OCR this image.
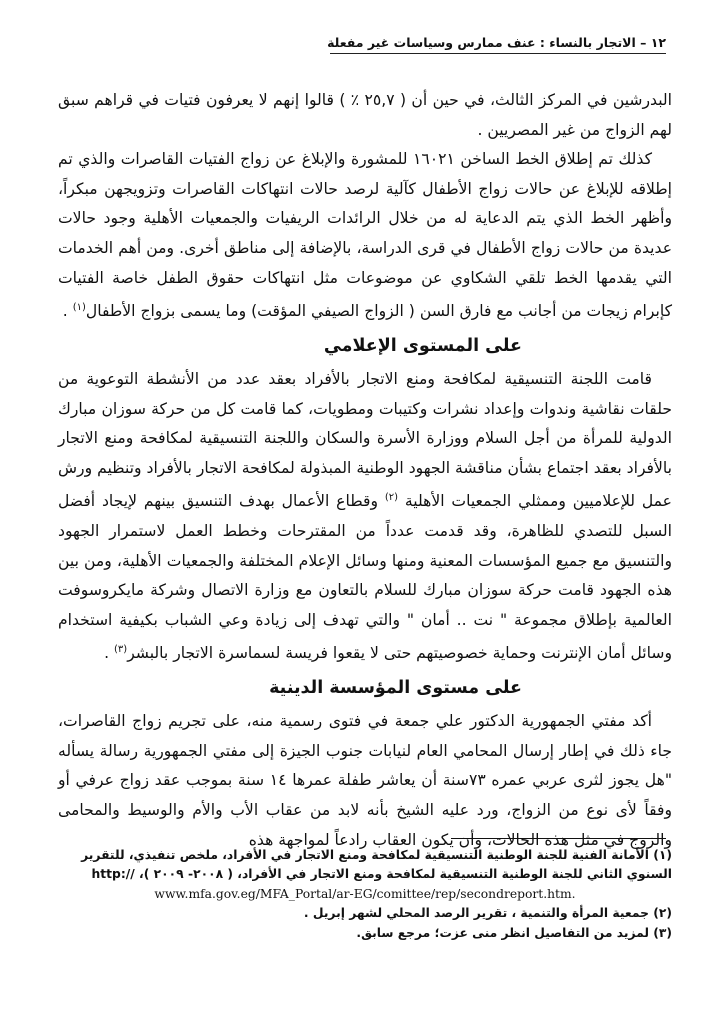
١٢ – الاتجار بالنساء : عنف ممارس وسياسات غير مفعلة

البدرشين في المركز الثالث، في حين أن ( ٢٥,٧ ٪ ) قالوا إنهم لا يعرفون فتيات في قراهم سبق لهم الزواج من غير المصريين .

كذلك تم إطلاق الخط الساخن ١٦٠٢١ للمشورة والإبلاغ عن زواج الفتيات القاصرات والذي تم إطلاقه للإبلاغ عن حالات زواج الأطفال كآلية لرصد حالات انتهاكات القاصرات وتزويجهن مبكراً، وأظهر الخط الذي يتم الدعاية له من خلال الرائدات الريفيات والجمعيات الأهلية وجود حالات عديدة من حالات زواج الأطفال في قرى الدراسة، بالإضافة إلى مناطق أخرى. ومن أهم الخدمات التي يقدمها الخط تلقي الشكاوي عن موضوعات مثل انتهاكات حقوق الطفل خاصة الفتيات كإبرام زيجات من أجانب مع فارق السن ( الزواج الصيفي المؤقت) وما يسمى بزواج الأطفال$^{(١)}$ .

على المستوى الإعلامي

قامت اللجنة التنسيقية لمكافحة ومنع الاتجار بالأفراد بعقد عدد من الأنشطة التوعوية من حلقات نقاشية وندوات وإعداد نشرات وكتيبات ومطويات، كما قامت كل من حركة سوزان مبارك الدولية للمرأة من أجل السلام ووزارة الأسرة والسكان واللجنة التنسيقية لمكافحة ومنع الاتجار بالأفراد بعقد اجتماع بشأن مناقشة الجهود الوطنية المبذولة لمكافحة الاتجار بالأفراد وتنظيم ورش عمل للإعلاميين وممثلي الجمعيات الأهلية $^{(٢)}$ وقطاع الأعمال بهدف التنسيق بينهم لإيجاد أفضل السبل للتصدي للظاهرة، وقد قدمت عدداً من المقترحات وخطط العمل لاستمرار الجهود والتنسيق مع جميع المؤسسات المعنية ومنها وسائل الإعلام المختلفة والجمعيات الأهلية، ومن بين هذه الجهود قامت حركة سوزان مبارك للسلام بالتعاون مع وزارة الاتصال وشركة مايكروسوفت العالمية بإطلاق مجموعة " نت .. أمان " والتي تهدف إلى زيادة وعي الشباب بكيفية استخدام وسائل أمان الإنترنت وحماية خصوصيتهم حتى لا يقعوا فريسة لسماسرة الاتجار بالبشر$^{(٣)}$ .

على مستوى المؤسسة الدينية

أكد مفتي الجمهورية الدكتور علي جمعة في فتوى رسمية منه، على تجريم زواج القاصرات، جاء ذلك في إطار إرسال المحامي العام لنيابات جنوب الجيزة إلى مفتي الجمهورية رسالة يسأله "هل يجوز لثرى عربي عمره ٧٣سنة أن يعاشر طفلة عمرها ١٤ سنة بموجب عقد زواج عرفي أو وفقاً لأى نوع من الزواج، ورد عليه الشيخ بأنه لابد من عقاب الأب والأم والوسيط والمحامى والزوج في مثل هذه الحالات، وأن يكون العقاب رادعاً لمواجهة هذه

(١) الأمانة الفنية للجنة الوطنية التنسيقية لمكافحة ومنع الاتجار في الأفراد، ملخص تنفيذي، للتقرير السنوي الثاني للجنة الوطنية التنسيقية لمكافحة ومنع الاتجار في الأفراد، ( ٢٠٠٨- ٢٠٠٩ )، //:http

www.mfa.gov.eg/MFA_Portal/ar-EG/comittee/rep/secondreport.htm.

(٢) جمعية المرأة والتنمية ، تقرير الرصد المحلي لشهر إبريل .

(٣) لمزيد من التفاصيل انظر منى عزت؛ مرجع سابق.
